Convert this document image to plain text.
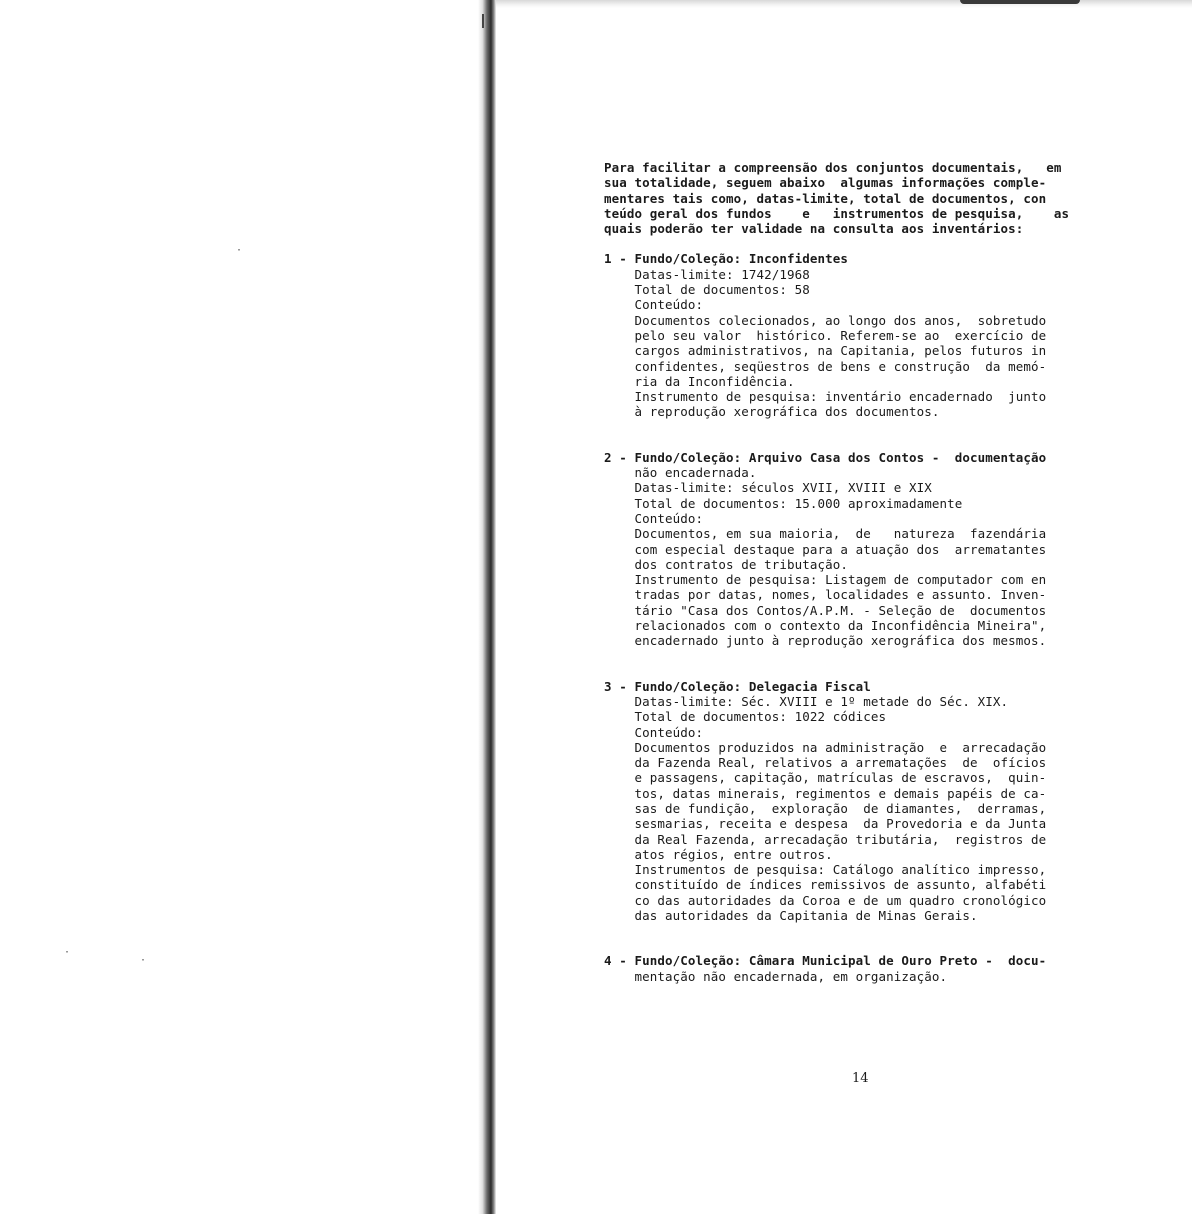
·
·
·

Para facilitar a compreensão dos conjuntos documentais,   em

sua totalidade, seguem abaixo  algumas informações comple-

mentares tais como, datas-limite, total de documentos, con

teúdo geral dos fundos    e   instrumentos de pesquisa,    as

quais poderão ter validade na consulta aos inventários:

1 - Fundo/Coleção: Inconfidentes

Datas-limite: 1742/1968

Total de documentos: 58

Conteúdo:

Documentos colecionados, ao longo dos anos,  sobretudo

pelo seu valor  histórico. Referem-se ao  exercício de

cargos administrativos, na Capitania, pelos futuros in

confidentes, seqüestros de bens e construção  da memó-

ria da Inconfidência.

Instrumento de pesquisa: inventário encadernado  junto

à reprodução xerográfica dos documentos.

2 - Fundo/Coleção: Arquivo Casa dos Contos -  documentação

não encadernada.

Datas-limite: séculos XVII, XVIII e XIX

Total de documentos: 15.000 aproximadamente

Conteúdo:

Documentos, em sua maioria,  de   natureza  fazendária

com especial destaque para a atuação dos  arrematantes

dos contratos de tributação.

Instrumento de pesquisa: Listagem de computador com en

tradas por datas, nomes, localidades e assunto. Inven-

tário "Casa dos Contos/A.P.M. - Seleção de  documentos

relacionados com o contexto da Inconfidência Mineira",

encadernado junto à reprodução xerográfica dos mesmos.

3 - Fundo/Coleção: Delegacia Fiscal

Datas-limite: Séc. XVIII e 1º metade do Séc. XIX.

Total de documentos: 1022 códices

Conteúdo:

Documentos produzidos na administração  e  arrecadação

da Fazenda Real, relativos a arrematações  de  ofícios

e passagens, capitação, matrículas de escravos,  quin-

tos, datas minerais, regimentos e demais papéis de ca-

sas de fundição,  exploração  de diamantes,  derramas,

sesmarias, receita e despesa  da Provedoria e da Junta

da Real Fazenda, arrecadação tributária,  registros de

atos régios, entre outros.

Instrumentos de pesquisa: Catálogo analítico impresso,

constituído de índices remissivos de assunto, alfabéti

co das autoridades da Coroa e de um quadro cronológico

das autoridades da Capitania de Minas Gerais.

4 - Fundo/Coleção: Câmara Municipal de Ouro Preto -  docu-

mentação não encadernada, em organização.

14
